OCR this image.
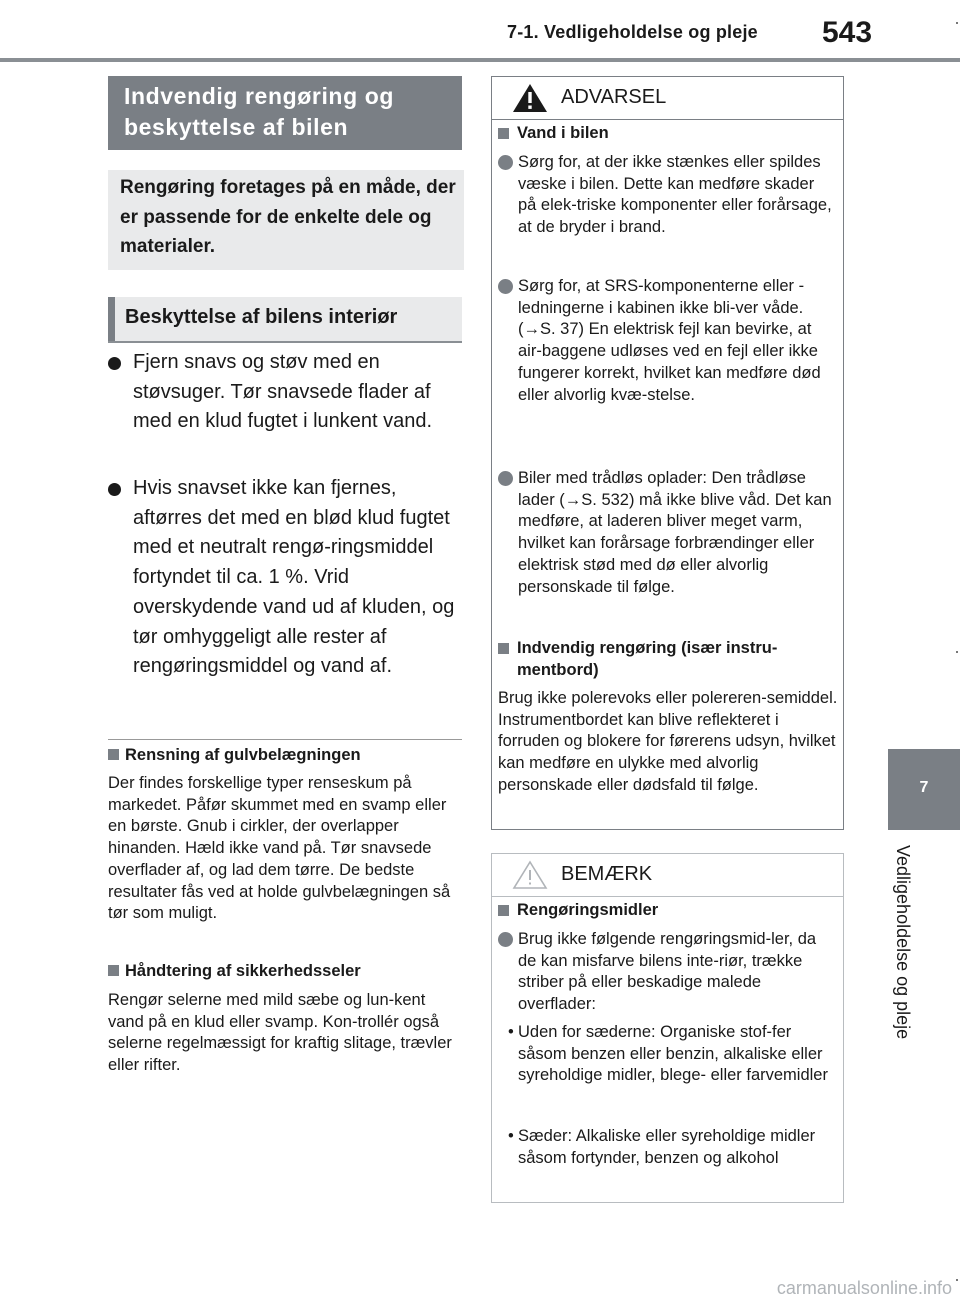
7-1. Vedligeholdelse og pleje 543
7
Vedligeholdelse og pleje
Indvendig rengøring og beskyttelse af bilen
Rengøring foretages på en måde, der er passende for de enkelte dele og materialer.
Beskyttelse af bilens interiør
Fjern snavs og støv med en støvsuger. Tør snavsede flader af med en klud fugtet i lunkent vand.
Hvis snavset ikke kan fjernes, aftørres det med en blød klud fugtet med et neutralt rengø-ringsmiddel fortyndet til ca. 1 %. Vrid overskydende vand ud af kluden, og tør omhyggeligt alle rester af rengøringsmiddel og vand af.
Rensning af gulvbelægningen
Der findes forskellige typer renseskum på markedet. Påfør skummet med en svamp eller en børste. Gnub i cirkler, der overlapper hinanden. Hæld ikke vand på. Tør snavsede overflader af, og lad dem tørre. De bedste resultater fås ved at holde gulvbelægningen så tør som muligt.
Håndtering af sikkerhedsseler
Rengør selerne med mild sæbe og lun-kent vand på en klud eller svamp. Kon-trollér også selerne regelmæssigt for kraftig slitage, trævler eller rifter.
ADVARSEL
Vand i bilen
Sørg for, at der ikke stænkes eller spildes væske i bilen. Dette kan medføre skader på elek-triske komponenter eller forårsage, at de bryder i brand.
Sørg for, at SRS-komponenterne eller -ledningerne i kabinen ikke bli-ver våde. (→S. 37) En elektrisk fejl kan bevirke, at air-baggene udløses ved en fejl eller ikke fungerer korrekt, hvilket kan medføre død eller alvorlig kvæ-stelse.
Biler med trådløs oplader: Den trådløse lader (→S. 532) må ikke blive våd. Det kan medføre, at laderen bliver meget varm, hvilket kan forårsage forbrændinger eller elektrisk stød med dø eller alvorlig personskade til følge.
Indvendig rengøring (især instru-mentbord)
Brug ikke polerevoks eller polereren-semiddel. Instrumentbordet kan blive reflekteret i forruden og blokere for førerens udsyn, hvilket kan medføre en ulykke med alvorlig personskade eller dødsfald til følge.
BEMÆRK
Rengøringsmidler
Brug ikke følgende rengøringsmid-ler, da de kan misfarve bilens inte-riør, trække striber på eller beskadige malede overflader:
• Uden for sæderne: Organiske stof-fer såsom benzen eller benzin, alkaliske eller syreholdige midler, blege- eller farvemidler
• Sæder: Alkaliske eller syreholdige midler såsom fortynder, benzen og alkohol
carmanualsonline.info
